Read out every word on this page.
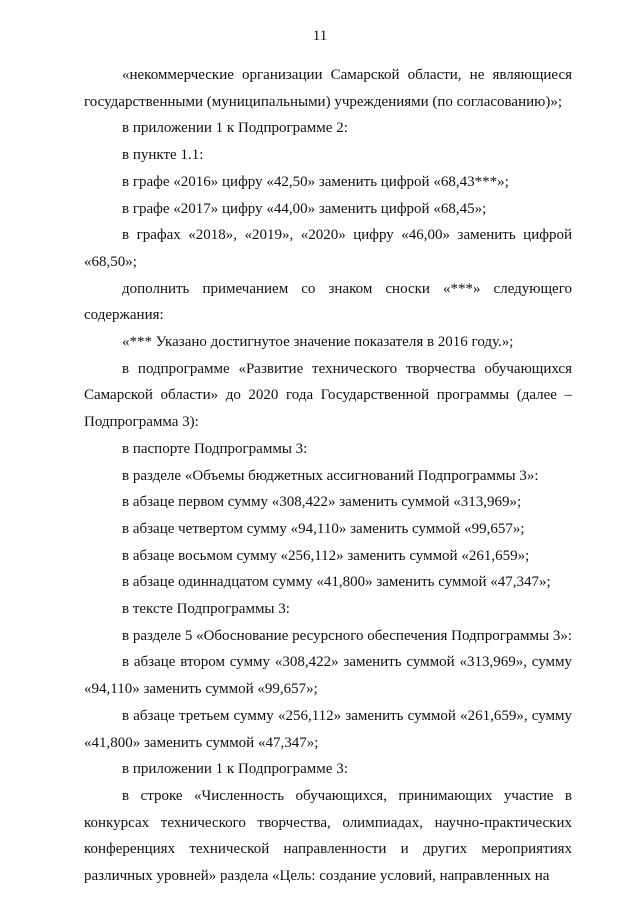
11

«некоммерческие организации Самарской области, не являющиеся государственными (муниципальными) учреждениями (по согласованию)»;

в приложении 1 к Подпрограмме 2:

в пункте 1.1:

в графе «2016» цифру «42,50» заменить цифрой «68,43***»;

в графе «2017» цифру «44,00» заменить цифрой «68,45»;

в графах «2018», «2019», «2020» цифру «46,00» заменить цифрой «68,50»;

дополнить примечанием со знаком сноски «***» следующего содержания:

«*** Указано достигнутое значение показателя в 2016 году.»;

в подпрограмме «Развитие технического творчества обучающихся Самарской области» до 2020 года Государственной программы (далее – Подпрограмма 3):

в паспорте Подпрограммы 3:

в разделе «Объемы бюджетных ассигнований Подпрограммы 3»:

в абзаце первом сумму «308,422» заменить суммой «313,969»;

в абзаце четвертом сумму «94,110» заменить суммой «99,657»;

в абзаце восьмом сумму «256,112» заменить суммой «261,659»;

в абзаце одиннадцатом сумму «41,800» заменить суммой «47,347»;

в тексте Подпрограммы 3:

в разделе 5 «Обоснование ресурсного обеспечения Подпрограммы 3»:

в абзаце втором сумму «308,422» заменить суммой «313,969», сумму «94,110» заменить суммой «99,657»;

в абзаце третьем сумму «256,112» заменить суммой «261,659», сумму «41,800» заменить суммой «47,347»;

в приложении 1 к Подпрограмме 3:

в строке «Численность обучающихся, принимающих участие в конкурсах технического творчества, олимпиадах, научно-практических конференциях технической направленности и других мероприятиях различных уровней» раздела «Цель: создание условий, направленных на
